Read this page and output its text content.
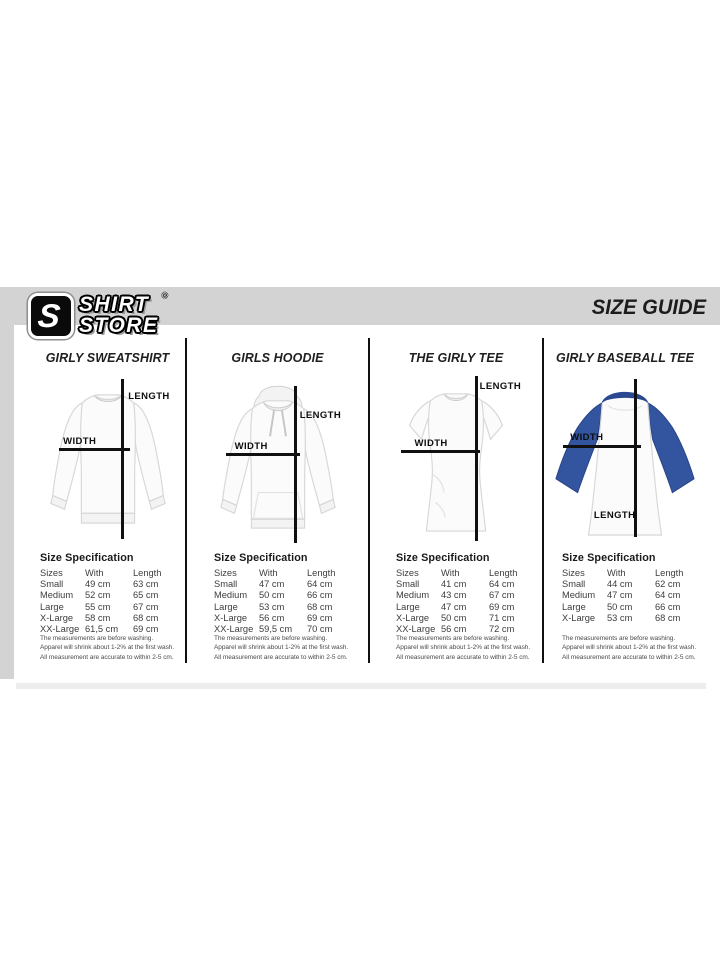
S SHIRT ®
STORE
SIZE GUIDE
GIRLY SWEATSHIRT
WIDTH
LENGTH
Size Specification
Sizes	With	Length
Small	49 cm	63 cm
Medium	52 cm	65 cm
Large	55 cm	67 cm
X-Large	58 cm	68 cm
XX-Large 61,5 cm	69 cm
The measurements are before washing.
Apparel will shrink about 1-2% at the first wash.
All measurement are accurate to within 2-5 cm.
GIRLS HOODIE
WIDTH
LENGTH
Size Specification
Sizes	With	Length
Small	47 cm	64 cm
Medium	50 cm	66 cm
Large	53 cm	68 cm
X-Large	56 cm	69 cm
XX-Large 59,5 cm	70 cm
The measurements are before washing.
Apparel will shrink about 1-2% at the first wash.
All measurement are accurate to within 2-5 cm.
THE GIRLY TEE
WIDTH
LENGTH
Size Specification
Sizes	With	Length
Small	41 cm	64 cm
Medium	43 cm	67 cm
Large	47 cm	69 cm
X-Large	50 cm	71 cm
XX-Large 56 cm	72 cm
The measurements are before washing.
Apparel will shrink about 1-2% at the first wash.
All measurement are accurate to within 2-5 cm.
GIRLY BASEBALL TEE
WIDTH
LENGTH
Size Specification
Sizes	With	Length
Small	44 cm	62 cm
Medium	47 cm	64 cm
Large	50 cm	66 cm
X-Large	53 cm	68 cm
The measurements are before washing.
Apparel will shrink about 1-2% at the first wash.
All measurement are accurate to within 2-5 cm.
